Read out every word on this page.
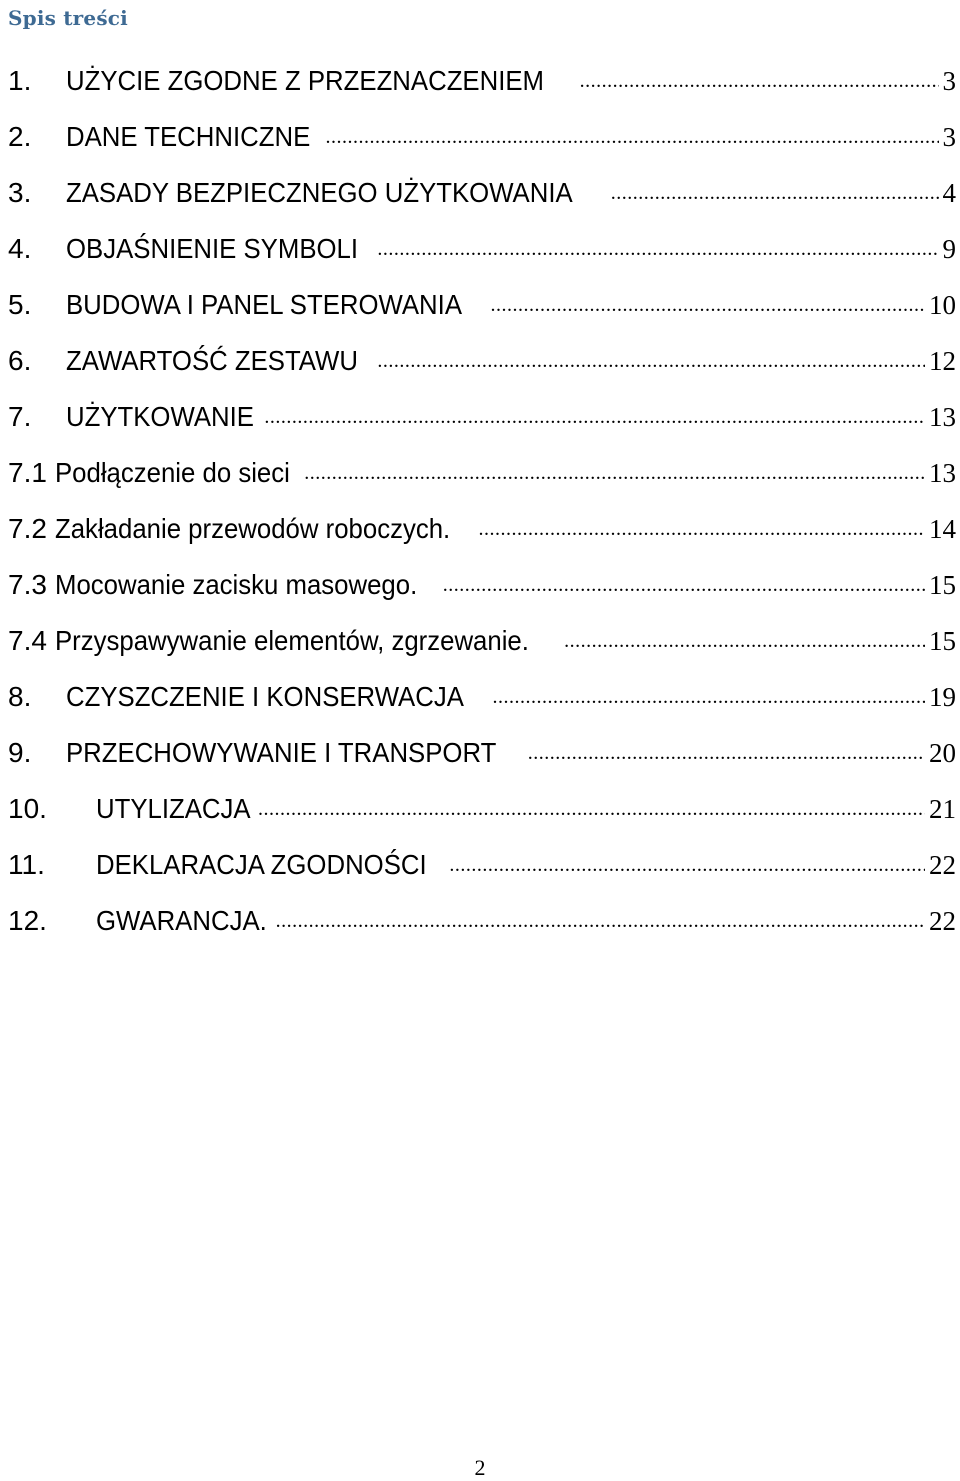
Spis treści
1.	UŻYCIE ZGODNE Z PRZEZNACZENIEM .....	3
2.	DANE TECHNICZNE .....	3
3.	ZASADY BEZPIECZNEGO UŻYTKOWANIA .....	4
4.	OBJAŚNIENIE SYMBOLI .....	9
5.	BUDOWA I PANEL STEROWANIA .....	10
6.	ZAWARTOŚĆ ZESTAWU .....	12
7.	UŻYTKOWANIE .....	13
7.1 Podłączenie do sieci .....	13
7.2 Zakładanie przewodów roboczych. .....	14
7.3 Mocowanie zacisku masowego. .....	15
7.4 Przyspawywanie elementów, zgrzewanie. .....	15
8.	CZYSZCZENIE I KONSERWACJA .....	19
9.	PRZECHOWYWANIE I TRANSPORT .....	20
10.	UTYLIZACJA .....	21
11.	DEKLARACJA ZGODNOŚCI .....	22
12.	GWARANCJA. .....	22
2
